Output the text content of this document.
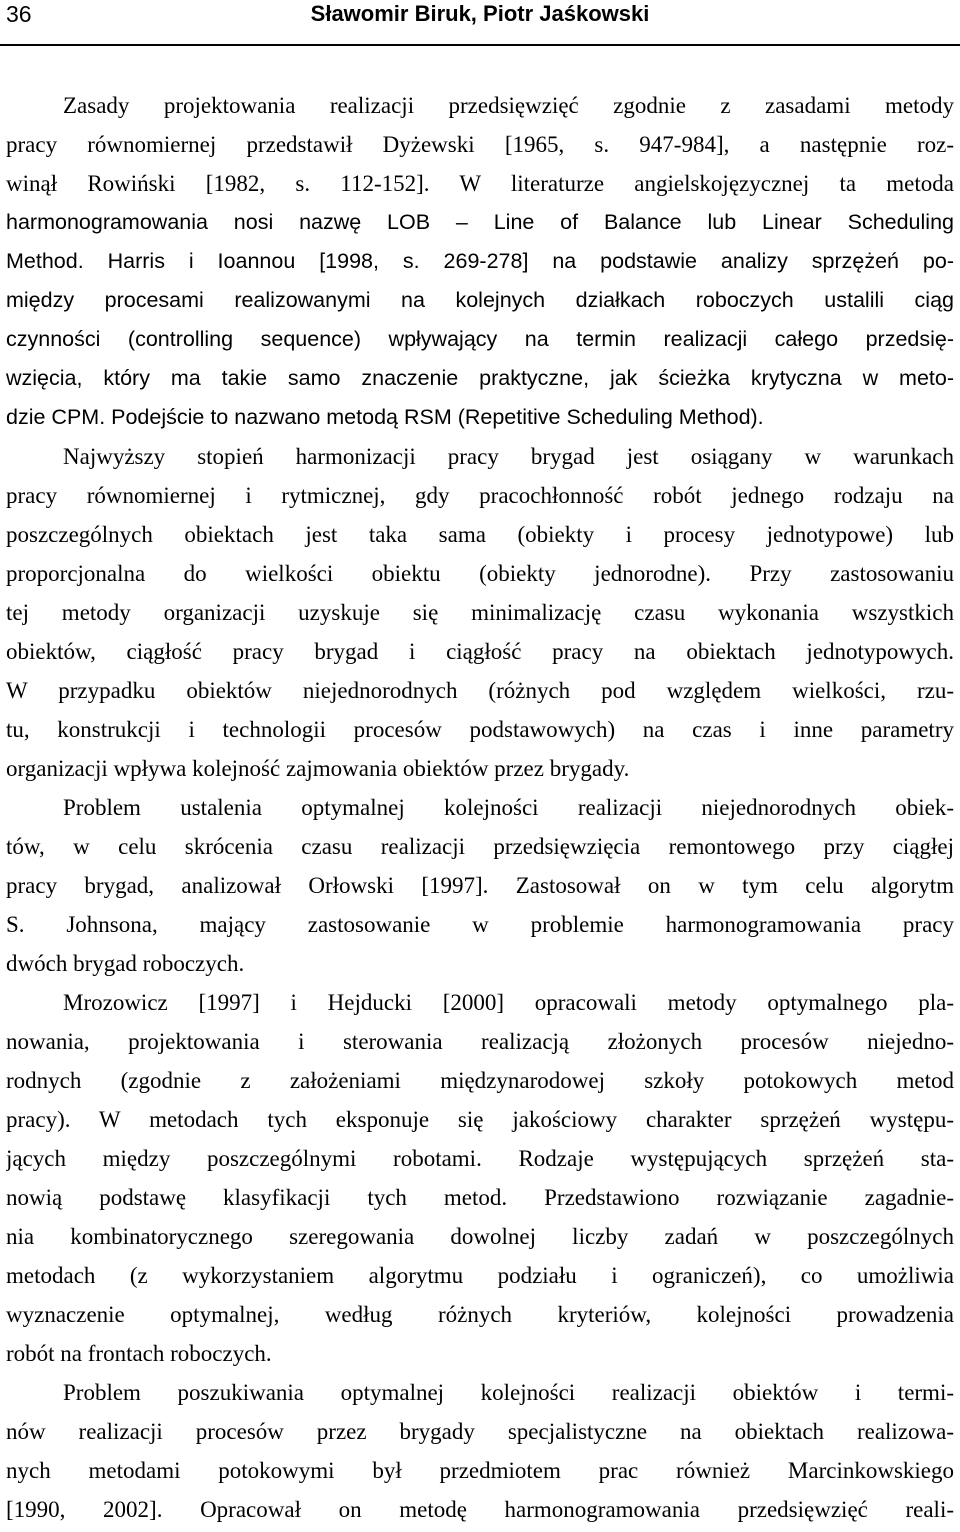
36	Sławomir Biruk, Piotr Jaśkowski
Zasady projektowania realizacji przedsięwzięć zgodnie z zasadami metody
pracy równomiernej przedstawił Dyżewski [1965, s. 947-984], a następnie roz-
winął Rowiński [1982, s. 112-152]. W literaturze angielskojęzycznej ta metoda
harmonogramowania nosi nazwę LOB – Line of Balance lub Linear Scheduling
Method. Harris i Ioannou [1998, s. 269-278] na podstawie analizy sprzężeń po-
między procesami realizowanymi na kolejnych działkach roboczych ustalili ciąg
czynności (controlling sequence) wpływający na termin realizacji całego przedsię-
wzięcia, który ma takie samo znaczenie praktyczne, jak ścieżka krytyczna w meto-
dzie CPM. Podejście to nazwano metodą RSM (Repetitive Scheduling Method).
Najwyższy stopień harmonizacji pracy brygad jest osiągany w warunkach
pracy równomiernej i rytmicznej, gdy pracochłonność robót jednego rodzaju na
poszczególnych obiektach jest taka sama (obiekty i procesy jednotypowe) lub
proporcjonalna do wielkości obiektu (obiekty jednorodne). Przy zastosowaniu
tej metody organizacji uzyskuje się minimalizację czasu wykonania wszystkich
obiektów, ciągłość pracy brygad i ciągłość pracy na obiektach jednotypowych.
W przypadku obiektów niejednorodnych (różnych pod względem wielkości, rzu-
tu, konstrukcji i technologii procesów podstawowych) na czas i inne parametry
organizacji wpływa kolejność zajmowania obiektów przez brygady.
Problem ustalenia optymalnej kolejności realizacji niejednorodnych obiek-
tów, w celu skrócenia czasu realizacji przedsięwzięcia remontowego przy ciągłej
pracy brygad, analizował Orłowski [1997]. Zastosował on w tym celu algorytm
S. Johnsona, mający zastosowanie w problemie harmonogramowania pracy
dwóch brygad roboczych.
Mrozowicz [1997] i Hejducki [2000] opracowali metody optymalnego pla-
nowania, projektowania i sterowania realizacją złożonych procesów niejedno-
rodnych (zgodnie z założeniami międzynarodowej szkoły potokowych metod
pracy). W metodach tych eksponuje się jakościowy charakter sprzężeń występu-
jących między poszczególnymi robotami. Rodzaje występujących sprzężeń sta-
nowią podstawę klasyfikacji tych metod. Przedstawiono rozwiązanie zagadnie-
nia kombinatorycznego szeregowania dowolnej liczby zadań w poszczególnych
metodach (z wykorzystaniem algorytmu podziału i ograniczeń), co umożliwia
wyznaczenie optymalnej, według różnych kryteriów, kolejności prowadzenia
robót na frontach roboczych.
Problem poszukiwania optymalnej kolejności realizacji obiektów i termi-
nów realizacji procesów przez brygady specjalistyczne na obiektach realizowa-
nych metodami potokowymi był przedmiotem prac również Marcinkowskiego
[1990, 2002]. Opracował on metodę harmonogramowania przedsięwzięć reali-
